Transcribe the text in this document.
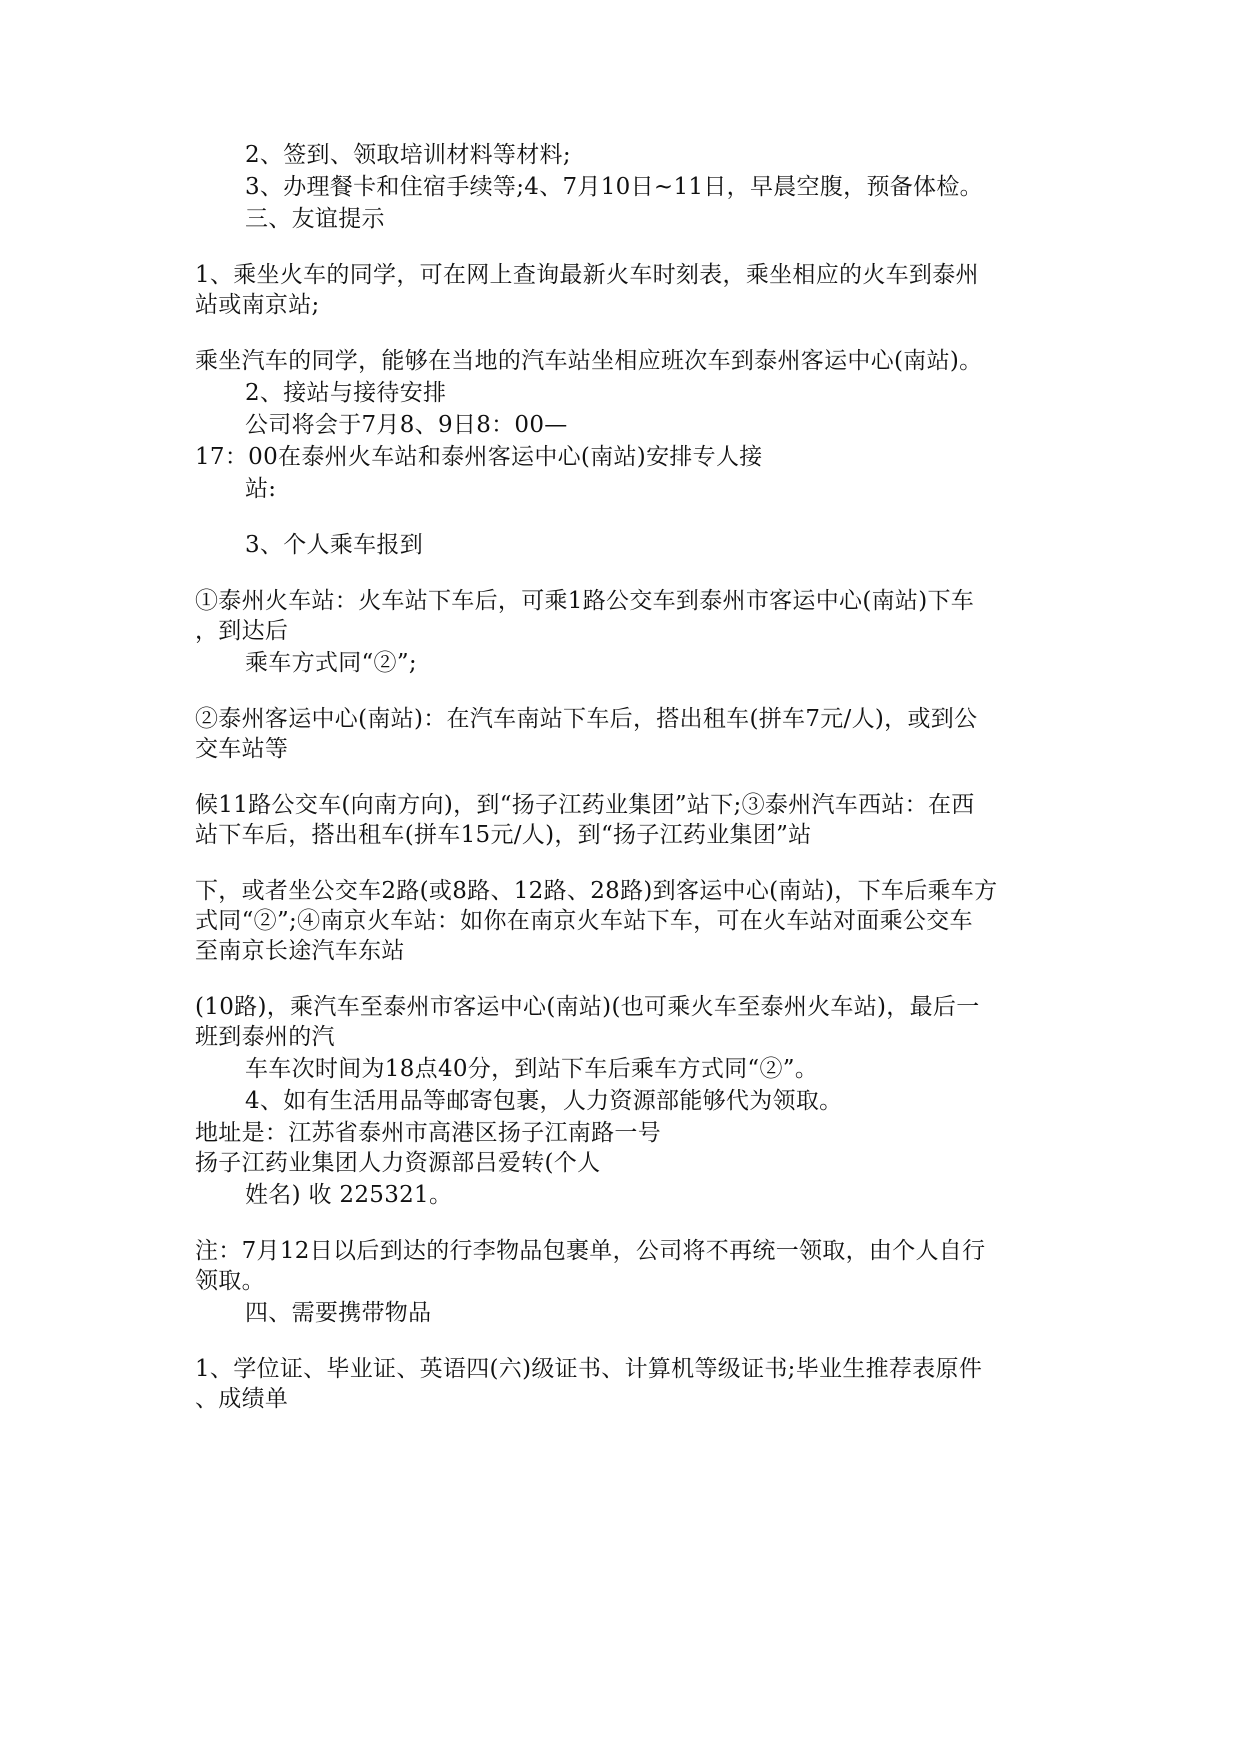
2、签到、领取培训材料等材料;
3、办理餐卡和住宿手续等;4、7月10日~11日，早晨空腹，预备体检。
三、友谊提示
1、乘坐火车的同学，可在网上查询最新火车时刻表，乘坐相应的火车到泰州
站或南京站;
乘坐汽车的同学，能够在当地的汽车站坐相应班次车到泰州客运中心(南站)。
2、接站与接待安排
公司将会于7月8、9日8：00—
17：00在泰州火车站和泰州客运中心(南站)安排专人接
站:
3、个人乘车报到
①泰州火车站：火车站下车后，可乘1路公交车到泰州市客运中心(南站)下车
，到达后
乘车方式同“②”;
②泰州客运中心(南站)：在汽车南站下车后，搭出租车(拼车7元/人)，或到公
交车站等
候11路公交车(向南方向)，到“扬子江药业集团”站下;③泰州汽车西站：在西
站下车后，搭出租车(拼车15元/人)，到“扬子江药业集团”站
下，或者坐公交车2路(或8路、12路、28路)到客运中心(南站)，下车后乘车方
式同“②”;④南京火车站：如你在南京火车站下车，可在火车站对面乘公交车
至南京长途汽车东站
(10路)，乘汽车至泰州市客运中心(南站)(也可乘火车至泰州火车站)，最后一
班到泰州的汽
车车次时间为18点40分，到站下车后乘车方式同“②”。
4、如有生活用品等邮寄包裹，人力资源部能够代为领取。
地址是：江苏省泰州市高港区扬子江南路一号
扬子江药业集团人力资源部吕爱转(个人
姓名) 收 225321。
注：7月12日以后到达的行李物品包裹单，公司将不再统一领取，由个人自行
领取。
四、需要携带物品
1、学位证、毕业证、英语四(六)级证书、计算机等级证书;毕业生推荐表原件
、成绩单
